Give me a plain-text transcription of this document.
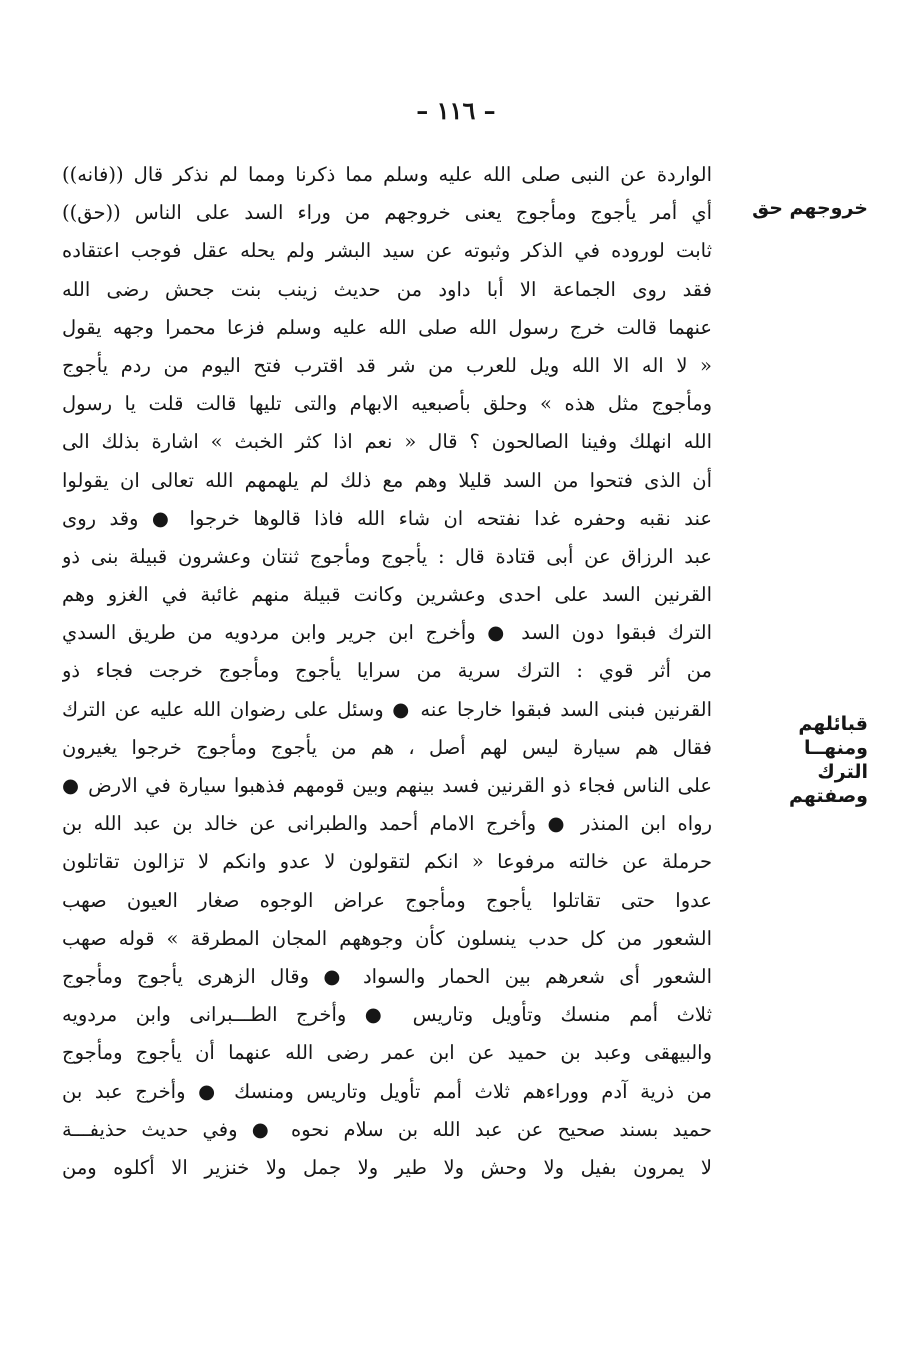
– ١١٦ –
خروجهم حق
قبائلهم ومنهــا
الترك وصفتهم
الواردة عن النبى صلى الله عليه وسلم مما ذكرنا ومما لم نذكر قال ((فانه))
أي أمر يأجوج ومأجوج يعنى خروجهم من وراء السد على الناس ((حق))
ثابت لوروده في الذكر وثبوته عن سيد البشر ولم يحله عقل فوجب اعتقاده
فقد روى الجماعة الا أبا داود من حديث زينب بنت جحش رضى الله
عنهما قالت خرج رسول الله صلى الله عليه وسلم فزعا محمرا وجهه يقول
« لا اله الا الله ويل للعرب من شر قد اقترب فتح اليوم من ردم يأجوج
ومأجوج مثل هذه » وحلق بأصبعيه الابهام والتى تليها قالت قلت يا رسول
الله انهلك وفينا الصالحون ؟ قال « نعم اذا كثر الخبث » اشارة بذلك الى
أن الذى فتحوا من السد قليلا وهم مع ذلك لم يلهمهم الله تعالى ان يقولوا
عند نقبه وحفره غدا نفتحه ان شاء الله فاذا قالوها خرجوا ● وقد روى
عبد الرزاق عن أبى قتادة قال : يأجوج ومأجوج ثنتان وعشرون قبيلة بنى ذو
القرنين السد على احدى وعشرين وكانت قبيلة منهم غائبة في الغزو وهم
الترك فبقوا دون السد ● وأخرج ابن جرير وابن مردويه من طريق السدي
من أثر قوي : الترك سرية من سرايا يأجوج ومأجوج خرجت فجاء ذو
القرنين فبنى السد فبقوا خارجا عنه ● وسئل على رضوان الله عليه عن الترك
فقال هم سيارة ليس لهم أصل ، هم من يأجوج ومأجوج خرجوا يغيرون
على الناس فجاء ذو القرنين فسد بينهم وبين قومهم فذهبوا سيارة في الارض ●
رواه ابن المنذر ● وأخرج الامام أحمد والطبرانى عن خالد بن عبد الله بن
حرملة عن خالته مرفوعا « انكم لتقولون لا عدو وانكم لا تزالون تقاتلون
عدوا حتى تقاتلوا يأجوج ومأجوج عراض الوجوه صغار العيون صهب
الشعور من كل حدب ينسلون كأن وجوههم المجان المطرقة » قوله صهب
الشعور أى شعرهم بين الحمار والسواد ● وقال الزهرى يأجوج ومأجوج
ثلاث أمم منسك وتأويل وتاريس ● وأخرج الطـــبرانى وابن مردويه
والبيهقى وعبد بن حميد عن ابن عمر رضى الله عنهما أن يأجوج ومأجوج
من ذرية آدم ووراءهم ثلاث أمم تأويل وتاريس ومنسك ● وأخرج عبد بن
حميد بسند صحيح عن عبد الله بن سلام نحوه ● وفي حديث حذيفـــة
لا يمرون بفيل ولا وحش ولا طير ولا جمل ولا خنزير الا أكلوه ومن
